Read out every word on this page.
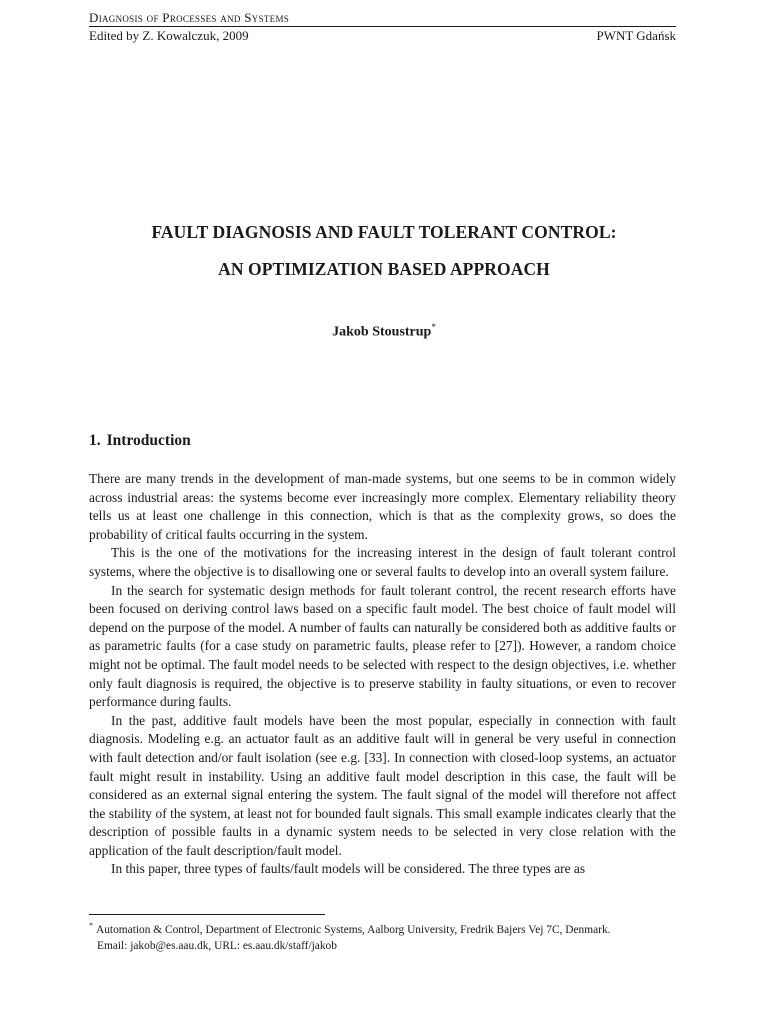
Diagnosis of Processes and Systems
Edited by Z. Kowalczuk, 2009	PWNT Gdańsk
FAULT DIAGNOSIS AND FAULT TOLERANT CONTROL:
AN OPTIMIZATION BASED APPROACH
Jakob Stoustrup*
1. Introduction

There are many trends in the development of man-made systems, but one seems to be in common widely across industrial areas: the systems become ever increasingly more complex. Elementary reliability theory tells us at least one challenge in this connection, which is that as the complexity grows, so does the probability of critical faults occurring in the system.

This is the one of the motivations for the increasing interest in the design of fault tolerant control systems, where the objective is to disallowing one or several faults to develop into an overall system failure.

In the search for systematic design methods for fault tolerant control, the recent research efforts have been focused on deriving control laws based on a specific fault model. The best choice of fault model will depend on the purpose of the model. A number of faults can naturally be considered both as additive faults or as parametric faults (for a case study on parametric faults, please refer to [27]). However, a random choice might not be optimal. The fault model needs to be selected with respect to the design objectives, i.e. whether only fault diagnosis is required, the objective is to preserve stability in faulty situations, or even to recover performance during faults.

In the past, additive fault models have been the most popular, especially in connection with fault diagnosis. Modeling e.g. an actuator fault as an additive fault will in general be very useful in connection with fault detection and/or fault isolation (see e.g. [33]. In connection with closed-loop systems, an actuator fault might result in instability. Using an additive fault model description in this case, the fault will be considered as an external signal entering the system. The fault signal of the model will therefore not affect the stability of the system, at least not for bounded fault signals. This small example indicates clearly that the description of possible faults in a dynamic system needs to be selected in very close relation with the application of the fault description/fault model.

In this paper, three types of faults/fault models will be considered. The three types are as

* Automation & Control, Department of Electronic Systems, Aalborg University, Fredrik Bajers Vej 7C, Denmark.
Email: jakob@es.aau.dk, URL: es.aau.dk/staff/jakob
